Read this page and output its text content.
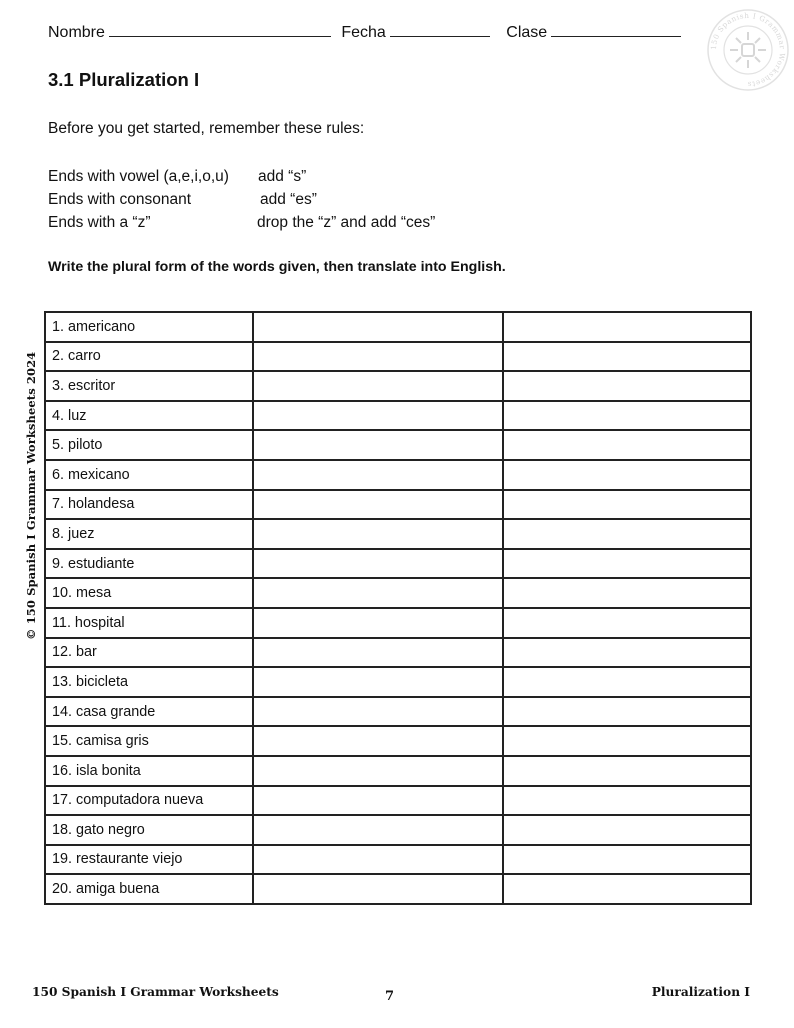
Nombre	Fecha	Clase
150 Spanish I Grammar Worksheets
3.1 Pluralization I
Before you get started, remember these rules:
Ends with vowel (a,e,i,o,u) add “s”
Ends with consonant	add “es”
Ends with a “z”	drop the “z” and add “ces”
Write the plural form of the words given, then translate into English.
1. americano		
2. carro		
3. escritor		
4. luz		
5. piloto		
6. mexicano		
7. holandesa		
8. juez		
9. estudiante		
10. mesa		
11. hospital		
12. bar		
13. bicicleta		
14. casa grande		
15. camisa gris		
16. isla bonita		
17. computadora nueva		
18. gato negro		
19. restaurante viejo		
20. amiga buena		
© 150 Spanish I Grammar Worksheets 2024
150 Spanish I Grammar Worksheets	7	Pluralization I
